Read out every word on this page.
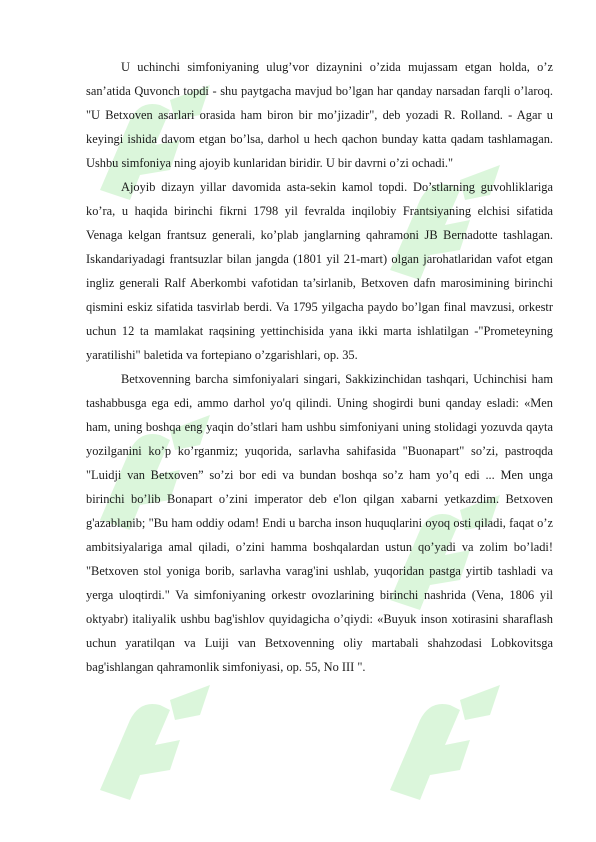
U uchinchi simfoniyaning ulug’vor dizaynini o’zida mujassam etgan holda, o’z san’atida Quvonch topdi - shu paytgacha mavjud bo’lgan har qanday narsadan farqli o’laroq. "U Betxoven asarlari orasida ham biron bir mo’jizadir", deb yozadi R. Rolland. - Agar u keyingi ishida davom etgan bo’lsa, darhol u hech qachon bunday katta qadam tashlamagan. Ushbu simfoniya ning ajoyib kunlaridan biridir. U bir davrni o’zi ochadi."

Ajoyib dizayn yillar davomida asta-sekin kamol topdi. Do’stlarning guvohliklariga ko’ra, u haqida birinchi fikrni 1798 yil fevralda inqilobiy Frantsiyaning elchisi sifatida Venaga kelgan frantsuz generali, ko’plab janglarning qahramoni JB Bernadotte tashlagan. Iskandariyadagi frantsuzlar bilan jangda (1801 yil 21-mart) olgan jarohatlaridan vafot etgan ingliz generali Ralf Aberkombi vafotidan ta’sirlanib, Betxoven dafn marosimining birinchi qismini eskiz sifatida tasvirlab berdi. Va 1795 yilgacha paydo bo’lgan final mavzusi, orkestr uchun 12 ta mamlakat raqsining yettinchisida yana ikki marta ishlatilgan -"Prometeyning yaratilishi" baletida va fortepiano o’zgarishlari, op. 35.

Betxovenning barcha simfoniyalari singari, Sakkizinchidan tashqari, Uchinchisi ham tashabbusga ega edi, ammo darhol yo'q qilindi. Uning shogirdi buni qanday esladi: «Men ham, uning boshqa eng yaqin do’stlari ham ushbu simfoniyani uning stolidagi yozuvda qayta yozilganini ko’p ko’rganmiz; yuqorida, sarlavha sahifasida "Buonapart" so’zi, pastroqda "Luidji van Betxoven” so’zi bor edi va bundan boshqa so’z ham yo’q edi ... Men unga birinchi bo’lib Bonapart o’zini imperator deb e'lon qilgan xabarni yetkazdim. Betxoven g'azablanib; "Bu ham oddiy odam! Endi u barcha inson huquqlarini oyoq osti qiladi, faqat o’z ambitsiyalariga amal qiladi, o’zini hamma boshqalardan ustun qo’yadi va zolim bo’ladi! "Betxoven stol yoniga borib, sarlavha varag'ini ushlab, yuqoridan pastga yirtib tashladi va yerga uloqtirdi." Va simfoniyaning orkestr ovozlarining birinchi nashrida (Vena, 1806 yil oktyabr) italiyalik ushbu bag'ishlov quyidagicha o’qiydi: «Buyuk inson xotirasini sharaflash uchun yaratilqan va Luiji van Betxovenning oliy martabali shahzodasi Lobkovitsga bag'ishlangan qahramonlik simfoniyasi, op. 55, No III ".
